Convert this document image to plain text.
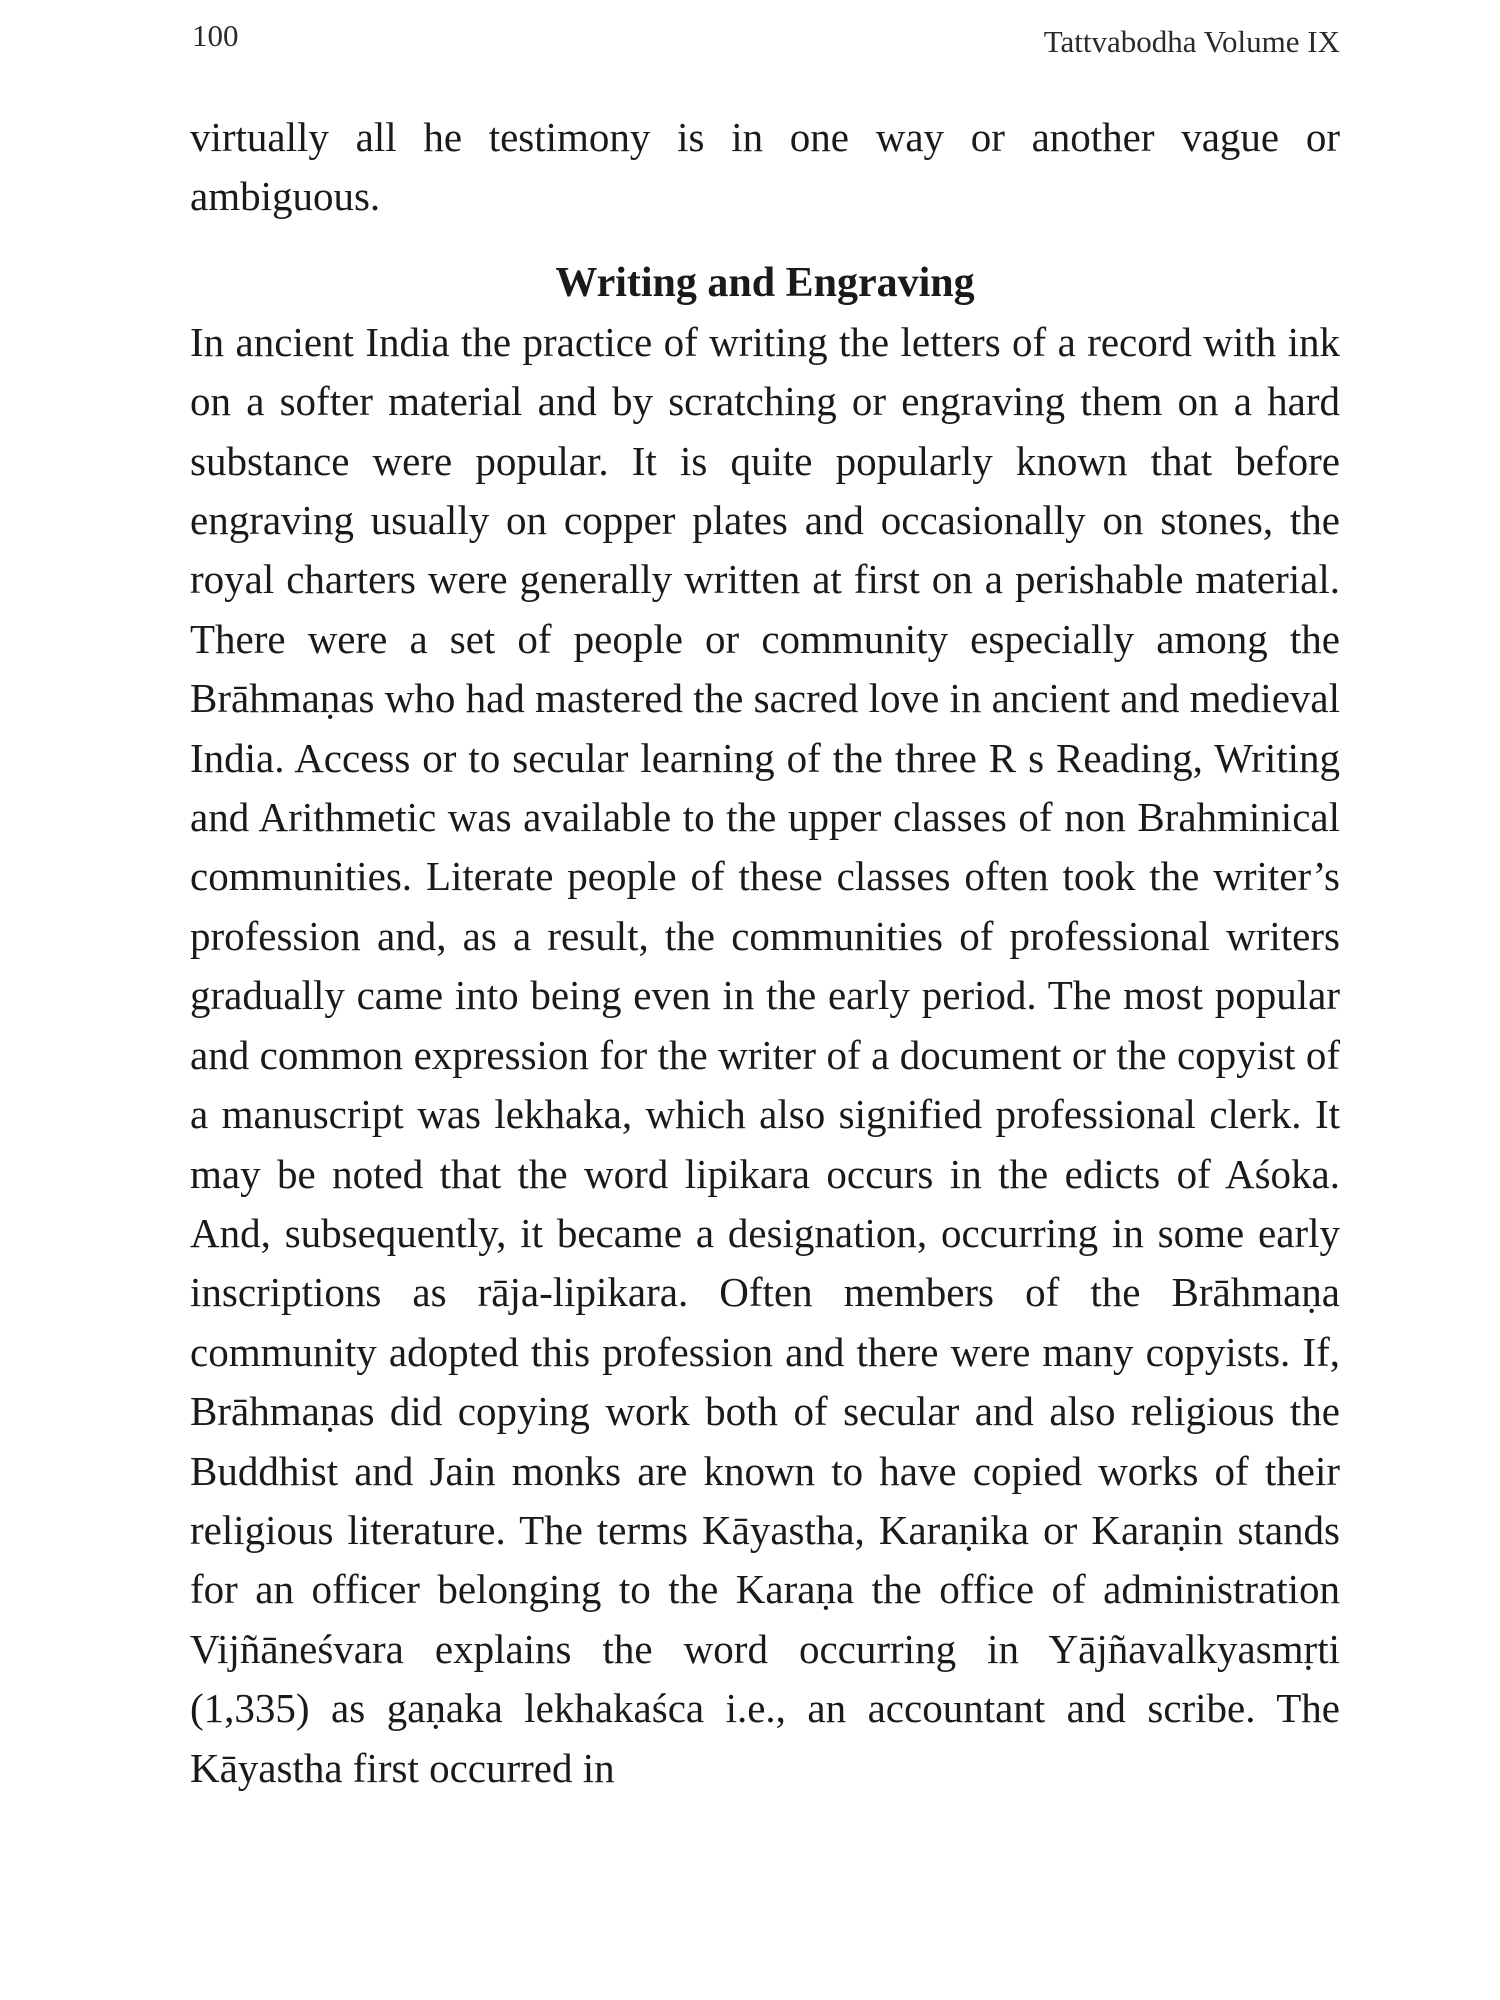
100	Tattvabodha Volume IX

virtually all he testimony is in one way or another vague or ambiguous.

Writing and Engraving

In ancient India the practice of writing the letters of a record with ink on a softer material and by scratching or engraving them on a hard substance were popular. It is quite popularly known that before engraving usually on copper plates and occasionally on stones, the royal charters were generally written at first on a perishable material. There were a set of people or community especially among the Brāhmaṇas who had mastered the sacred love in ancient and medieval India. Access or to secular learning of the three R s Reading, Writing and Arithmetic was available to the upper classes of non Brahminical communities. Literate people of these classes often took the writer’s profession and, as a result, the communities of professional writers gradually came into being even in the early period. The most popular and common expression for the writer of a document or the copyist of a manuscript was lekhaka, which also signified professional clerk. It may be noted that the word lipikara occurs in the edicts of Aśoka. And, subsequently, it became a designation, occurring in some early inscriptions as rāja-lipikara. Often members of the Brāhmaṇa community adopted this profession and there were many copyists. If, Brāhmaṇas did copying work both of secular and also religious the Buddhist and Jain monks are known to have copied works of their religious literature. The terms Kāyastha, Karaṇika or Karaṇin stands for an officer belonging to the Karaṇa the office of administration Vijñāneśvara explains the word occurring in Yājñavalkyasmṛti (1,335) as gaṇaka lekhakaśca i.e., an accountant and scribe. The Kāyastha first occurred in
